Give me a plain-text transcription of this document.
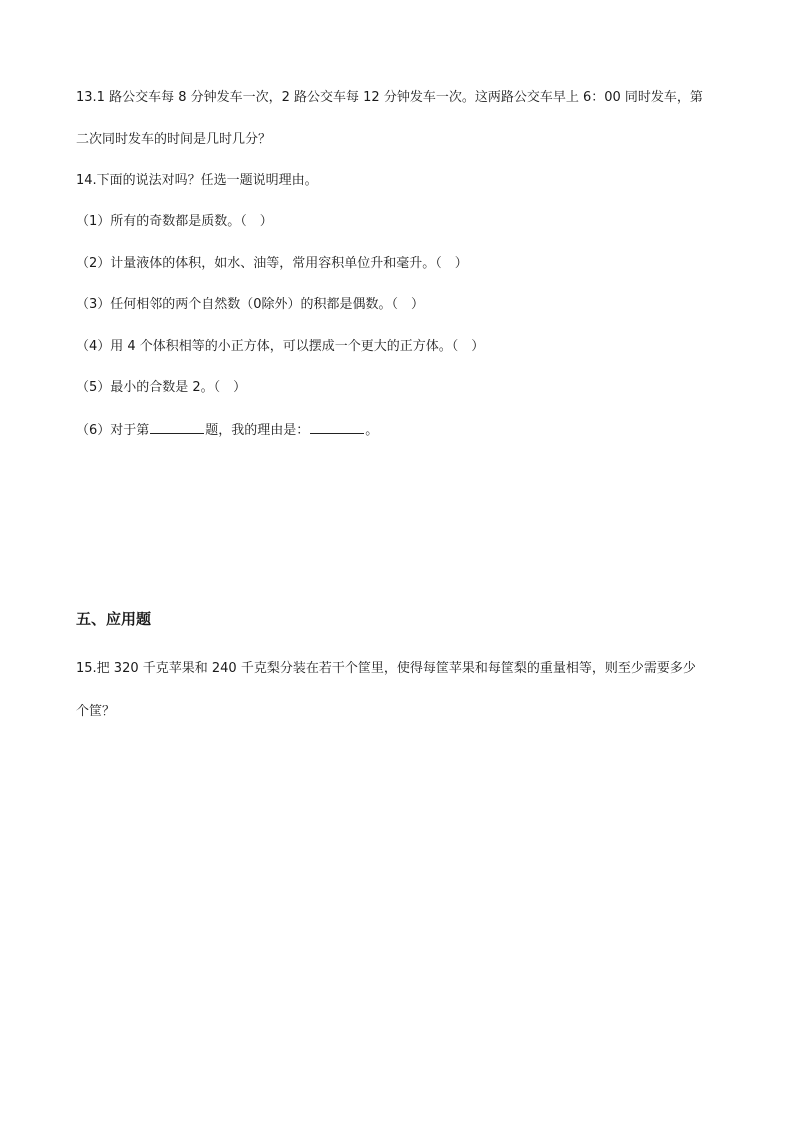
13.1 路公交车每 8 分钟发车一次，2 路公交车每 12 分钟发车一次。这两路公交车早上 6：00 同时发车，第
二次同时发车的时间是几时几分？
14.下面的说法对吗？任选一题说明理由。
（1）所有的奇数都是质数。（　）
（2）计量液体的体积，如水、油等，常用容积单位升和毫升。（　）
（3）任何相邻的两个自然数（0除外）的积都是偶数。（　）
（4）用 4 个体积相等的小正方体，可以摆成一个更大的正方体。（　）
（5）最小的合数是 2。（　）
（6）对于第	题，我的理由是：	。
五、应用题
15.把 320 千克苹果和 240 千克梨分装在若干个筐里，使得每筐苹果和每筐梨的重量相等，则至少需要多少
个筐？
